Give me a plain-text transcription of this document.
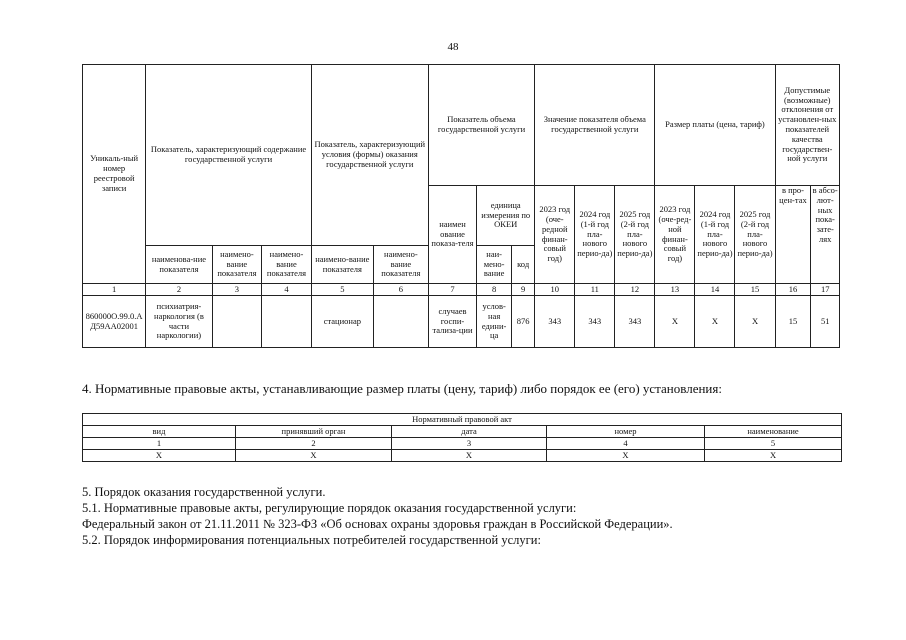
48
Уникаль-ный номер реестровой записи	Показатель, характеризующий содержание государственной услуги			Показатель, характеризующий условия (формы) оказания государственной услуги		Показатель объема государственной услуги			Значение показателя объема государственной услуги			Размер платы (цена, тариф)			Допустимые (возможные) отклонения от установлен-ных показателей качества государствен-ной услуги	
						наимен ование показа-теля	единица измерения по ОКЕИ		2023 год (оче-редной финан-совый год)	2024 год (1-й год пла-нового перио-да)	2025 год (2-й год пла-нового перио-да)	2023 год (оче-ред-ной финан-совый год)	2024 год (1-й год пла-нового перио-да)	2025 год (2-й год пла-нового перио-да)	в про-цен-тах	в абсо-лют-ных пока-зате-лях
	наименова-ние показателя	наимено-вание показателя	наимено-вание показателя	наимено-вание показателя	наимено-вание показателя		наи-мено-вание	код								
1	2	3	4	5	6	7	8	9	10	11	12	13	14	15	16	17
860000О.99.0.АД59АА02001	психиатрия-наркология (в части наркологии)			стационар		случаев госпи-тализа-ции	услов-ная едини-ца	876	343	343	343	Х	Х	Х	15	51
4. Нормативные правовые акты, устанавливающие размер платы (цену, тариф) либо порядок ее (его) установления:
Нормативный правовой акт				
вид	принявший орган	дата	номер	наименование
1	2	3	4	5
Х	Х	Х	Х	Х
5. Порядок оказания государственной услуги.
5.1. Нормативные правовые акты, регулирующие порядок оказания государственной услуги:
Федеральный закон от 21.11.2011 № 323-ФЗ «Об основах охраны здоровья граждан в Российской Федерации».
5.2. Порядок информирования потенциальных потребителей государственной услуги:
